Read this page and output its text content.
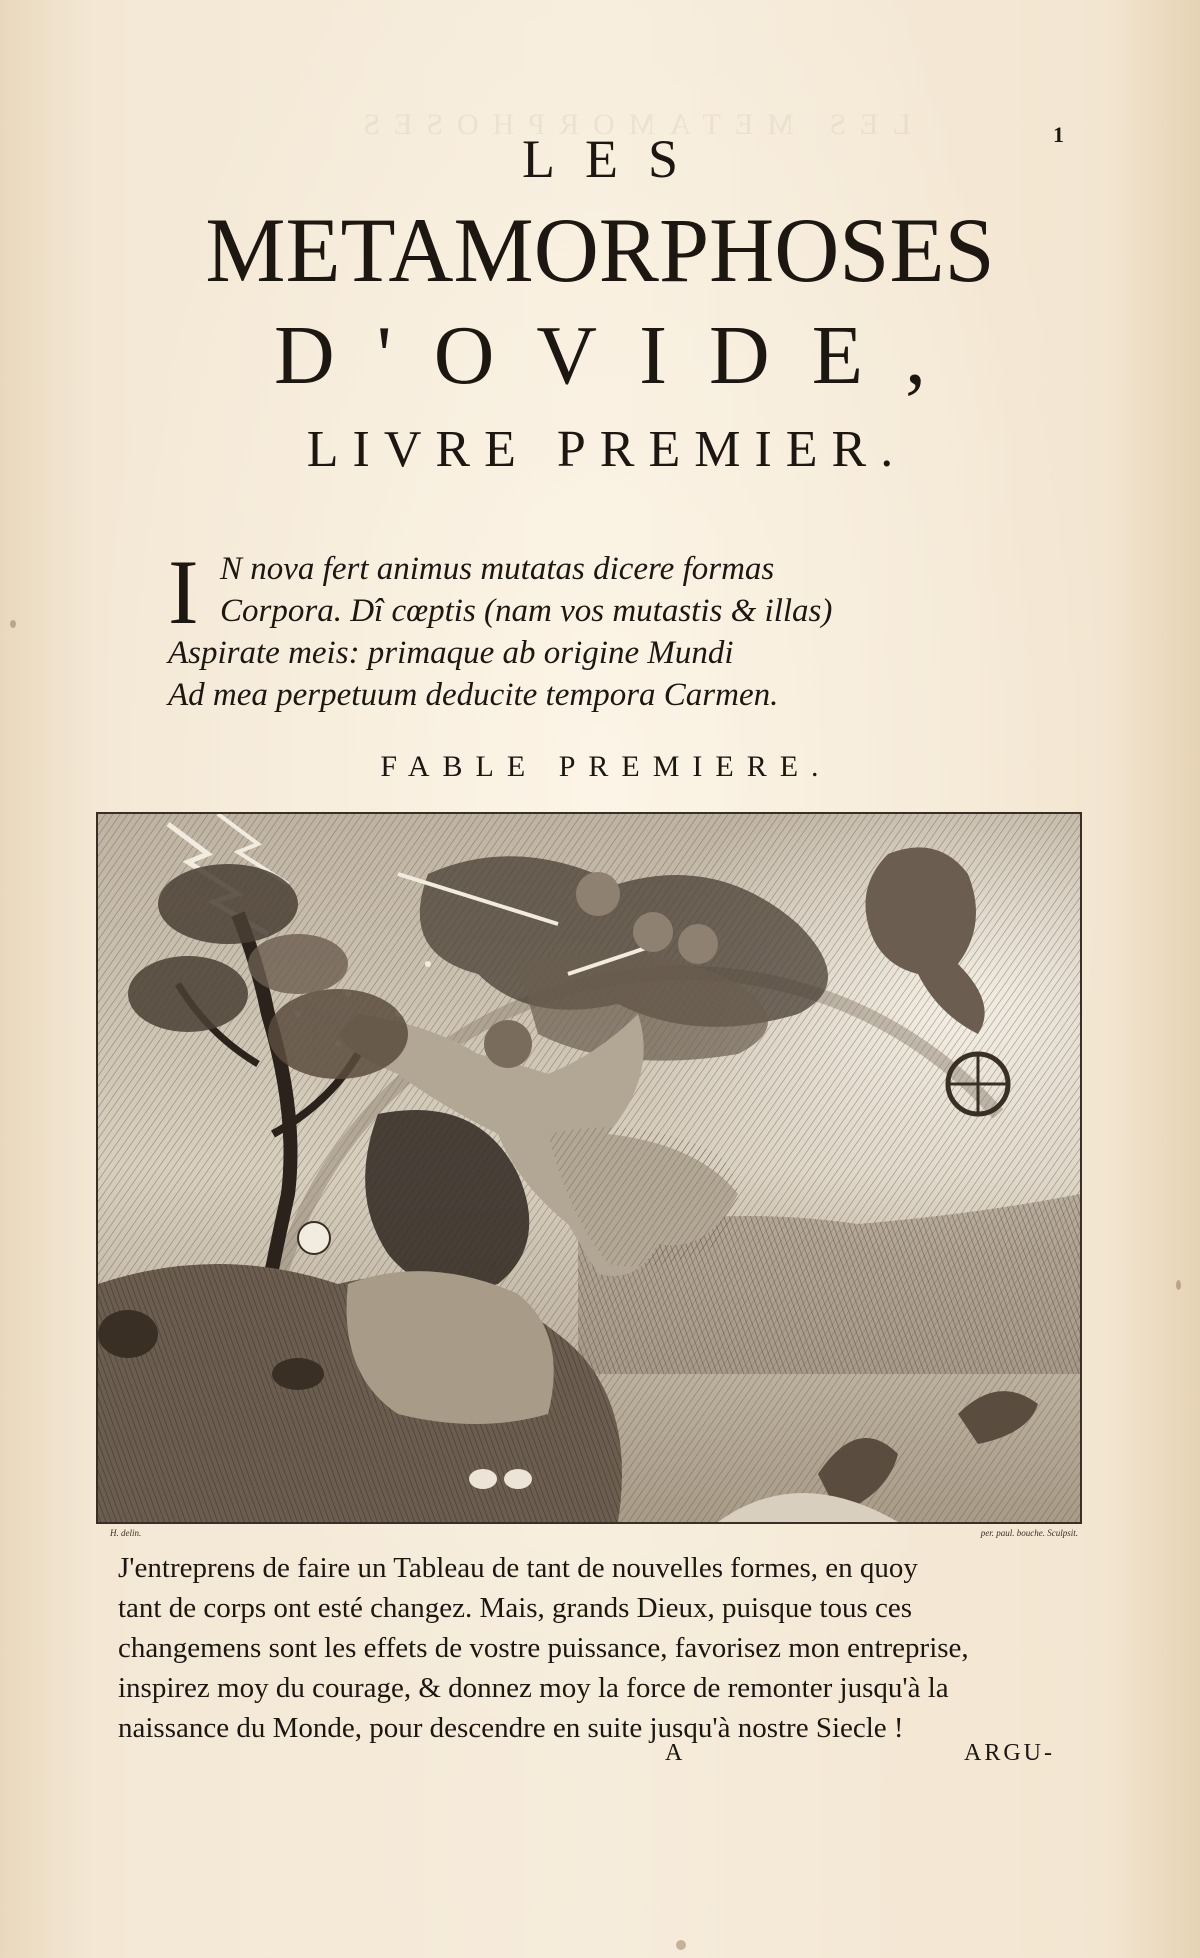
LES METAMORPHOSES	1
LES
METAMORPHOSES
D'OVIDE,
LIVRE PREMIER.
I N nova fert animus mutatas dicere formas
Corpora. Dî cœptis (nam vos mutastis & illas)
Aspirate meis: primaque ab origine Mundi
Ad mea perpetuum deducite tempora Carmen.
FABLE PREMIERE.
H. delin.	per. paul. bouche. Sculpsit.
J'entreprens de faire un Tableau de tant de nouvelles formes, en quoy
tant de corps ont esté changez. Mais, grands Dieux, puisque tous ces
changemens sont les effets de vostre puissance, favorisez mon entreprise,
inspirez moy du courage, & donnez moy la force de remonter jusqu'à la
naissance du Monde, pour descendre en suite jusqu'à nostre Siecle !
A	ARGU-
